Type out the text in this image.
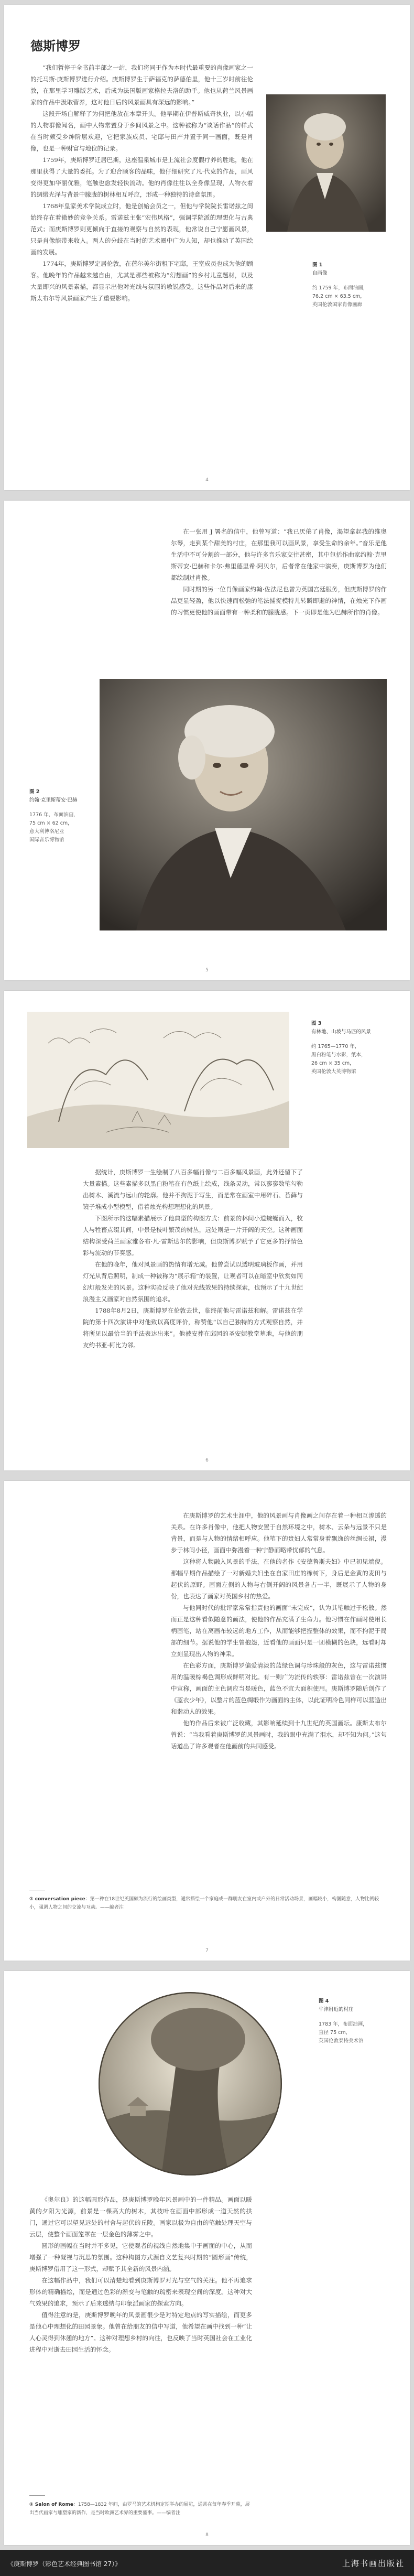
德斯博罗

“我们暂停于全书前半部之一站，我们将同于作为本时代最重要的肖像画家之一的托马斯·庚斯博罗进行介绍。庚斯博罗生于萨福克的萨德伯里，他十三岁时前往伦敦，在那里学习雕版艺术，后成为法国版画家格拉夫洛的助手。他也从荷兰风景画家的作品中汲取营养，这对他日后的风景画具有深远的影响。”

这段开场白解释了为何把他放在本章开头。他早期在伊普斯威奇执业，以小幅的人物群像闻名，画中人物常置身于乡间风景之中。这种被称为“谈话作品”的样式在当时颇受乡绅阶层欢迎，它把家族成员、宅邸与田产并置于同一画面，既是肖像，也是一种财富与地位的记录。

1759年，庚斯博罗迁居巴斯，这座温泉城市是上流社会度假疗养的胜地，他在那里获得了大量的委托。为了迎合顾客的品味，他仔细研究了凡·代克的作品，画风变得更加华丽优雅，笔触也愈发轻快流动。他的肖像往往以全身像呈现，人物衣着的绸缎光泽与背景中朦胧的树林相互呼应，形成一种独特的诗意氛围。

1768年皇家美术学院成立时，他是创始会员之一，但他与学院院长雷诺兹之间始终存在着微妙的竞争关系。雷诺兹主张“宏伟风格”，强调学院派的理想化与古典范式；而庚斯博罗则更倾向于直接的观察与自然的表现，他常说自己宁愿画风景，只是肖像能带来收入。两人的分歧在当时的艺术圈中广为人知，却也推动了英国绘画的发展。

1774年，庚斯博罗定居伦敦，在蓓尔美尔街租下宅邸，王室成员也成为他的顾客。他晚年的作品越来越自由，尤其是那些被称为“幻想画”的乡村儿童题材，以及大量即兴的风景素描，都显示出他对光线与氛围的敏锐感受。这些作品对后来的康斯太布尔等风景画家产生了重要影响。

图 1
自画像
约 1759 年，布面油画，
76.2 cm × 63.5 cm，
英国伦敦国家肖像画廊
4

在一张用 J 署名的信中，他曾写道：“我已厌倦了肖像，渴望拿起我的维奥尔琴，走到某个甜美的村庄，在那里我可以画风景，享受生命的余年。”音乐是他生活中不可分割的一部分，他与许多音乐家交往甚密，其中包括作曲家约翰·克里斯蒂安·巴赫和卡尔·弗里德里希·阿贝尔，后者常在他家中演奏，庚斯博罗为他们都绘制过肖像。

同时期的另一位肖像画家约翰·佐法尼也曾为英国宫廷服务，但庚斯博罗的作品更显轻盈，他以快速而松弛的笔法捕捉模特儿转瞬即逝的神情，在烛光下作画的习惯更使他的画面带有一种柔和的朦胧感。下一页即是他为巴赫所作的肖像。

图 2
约翰·克里斯蒂安·巴赫
1776 年，布面油画，
75 cm × 62 cm，
意大利博洛尼亚
国际音乐博物馆
5
图 3
有林地、山坡与马匹的风景
约 1765—1770 年，
黑白粉笔与水彩，纸本，
26 cm × 35 cm，
英国伦敦大英博物馆

据统计，庚斯博罗一生绘制了八百多幅肖像与二百多幅风景画，此外还留下了大量素描。这些素描多以黑白粉笔在有色纸上绘成，线条灵动，常以寥寥数笔勾勒出树木、溪流与远山的轮廓。他并不拘泥于写生，而是常在画室中用碎石、苔藓与镜子堆成小型模型，借着烛光构想理想化的风景。

下图所示的这幅素描展示了他典型的构图方式：前景的林间小道蜿蜒而入，牧人与牲畜点缀其间，中景是枝叶繁茂的树丛，远处则是一片开阔的天空。这种画面结构深受荷兰画家雅各布·凡·雷斯达尔的影响，但庚斯博罗赋予了它更多的抒情色彩与流动的节奏感。

在他的晚年，他对风景画的热情有增无减。他曾尝试以透明玻璃板作画，并用灯光从背后照明，制成一种被称为“展示箱”的装置，让观者可以在暗室中欣赏如同幻灯般发光的风景。这种实验反映了他对光线效果的持续探索，也预示了十九世纪浪漫主义画家对自然氛围的追求。

1788年8月2日，庚斯博罗在伦敦去世，临终前他与雷诺兹和解。雷诺兹在学院的第十四次演讲中对他致以高度评价，称赞他“以自己独特的方式观察自然，并将所见以最恰当的手法表达出来”。他被安葬在邱园的圣安妮教堂墓地，与他的朋友约书亚·柯比为邻。

6

在庚斯博罗的艺术生涯中，他的风景画与肖像画之间存在着一种相互渗透的关系。在许多肖像中，他把人物安置于自然环境之中，树木、云朵与远景不只是背景，而是与人物的情绪相呼应。他笔下的贵妇人常常身着飘逸的丝绸长裙，漫步于林间小径，画面中弥漫着一种宁静而略带忧郁的气息。

这种将人物融入风景的手法，在他的名作《安德鲁斯夫妇》中已初见端倪。那幅早期作品描绘了一对新婚夫妇坐在自家田庄的橡树下，身后是金黄的麦田与起伏的原野。画面左侧的人物与右侧开阔的风景各占一半，既展示了人物的身份，也表达了画家对英国乡村的热爱。

与他同时代的批评家常常指责他的画面“未完成”，认为其笔触过于松散。然而正是这种看似随意的画法，使他的作品充满了生命力。他习惯在作画时使用长柄画笔，站在离画布较远的地方工作，从而能够把握整体的效果，而不拘泥于局部的细节。据说他的学生曾抱怨，近看他的画面只是一团模糊的色块，远看时却立刻显现出人物的神采。

在色彩方面，庚斯博罗偏爱清淡的蓝绿色调与珍珠般的灰色，这与雷诺兹惯用的温暖棕褐色调形成鲜明对比。有一则广为流传的轶事：雷诺兹曾在一次演讲中宣称，画面的主色调应当是暖色，蓝色不宜大面积使用。庚斯博罗随后创作了《蓝衣少年》，以整片的蓝色绸缎作为画面的主体，以此证明冷色同样可以营造出和谐动人的效果。

他的作品后来被广泛收藏，其影响延续到十九世纪的英国画坛。康斯太布尔曾说：“当我看着庚斯博罗的风景画时，我的眼中充满了泪水，却不知为何。”这句话道出了许多观者在他画前的共同感受。

① conversation piece：第一种在18世纪英国颇为流行的绘画类型，通常描绘一个家庭或一群朋友在室内或户外的日常活动场景，画幅较小，构图随意，人物比例较小，强调人物之间的交流与互动。——编者注
7
图 4
牛津附近的村庄
1783 年，布面油画，
直径 75 cm，
英国伦敦泰特美术馆

《奥尔良》的这幅圆形作品，是庚斯博罗晚年风景画中的一件精品。画面以暖黄的夕阳为光源，前景是一棵高大的树木，其枝叶在画面中部形成一道天然的拱门，通过它可以望见远处的村舍与起伏的丘陵。画家以极为自由的笔触处理天空与云层，使整个画面笼罩在一层金色的薄雾之中。

圆形的画幅在当时并不多见，它使观者的视线自然地集中于画面的中心，从而增强了一种凝视与沉思的氛围。这种构图方式源自文艺复兴时期的“圆形画”传统，庚斯博罗借用了这一形式，却赋予其全新的风景内涵。

在这幅作品中，我们可以清楚地看到庚斯博罗对光与空气的关注。他不再追求形体的精确描绘，而是通过色彩的渐变与笔触的疏密来表现空间的深度。这种对大气效果的追求，预示了后来透纳与印象派画家的探索方向。

值得注意的是，庚斯博罗晚年的风景画很少是对特定地点的写实描绘，而更多是他心中理想化的田园景象。他曾在给朋友的信中写道，他希望在画中找到一种“让人心灵得到休憩的地方”。这种对理想乡村的向往，也反映了当时英国社会在工业化进程中对逝去田园生活的怀念。

① Salon of Rome：1758—1832 年间，由罗马的艺术机构定期举办的展览，通常在每年春季开幕，展出当代画家与雕塑家的新作，是当时欧洲艺术界的重要盛事。——编者注
8
《庚斯博罗（彩色艺术经典图书馆 27）》	上海书画出版社
